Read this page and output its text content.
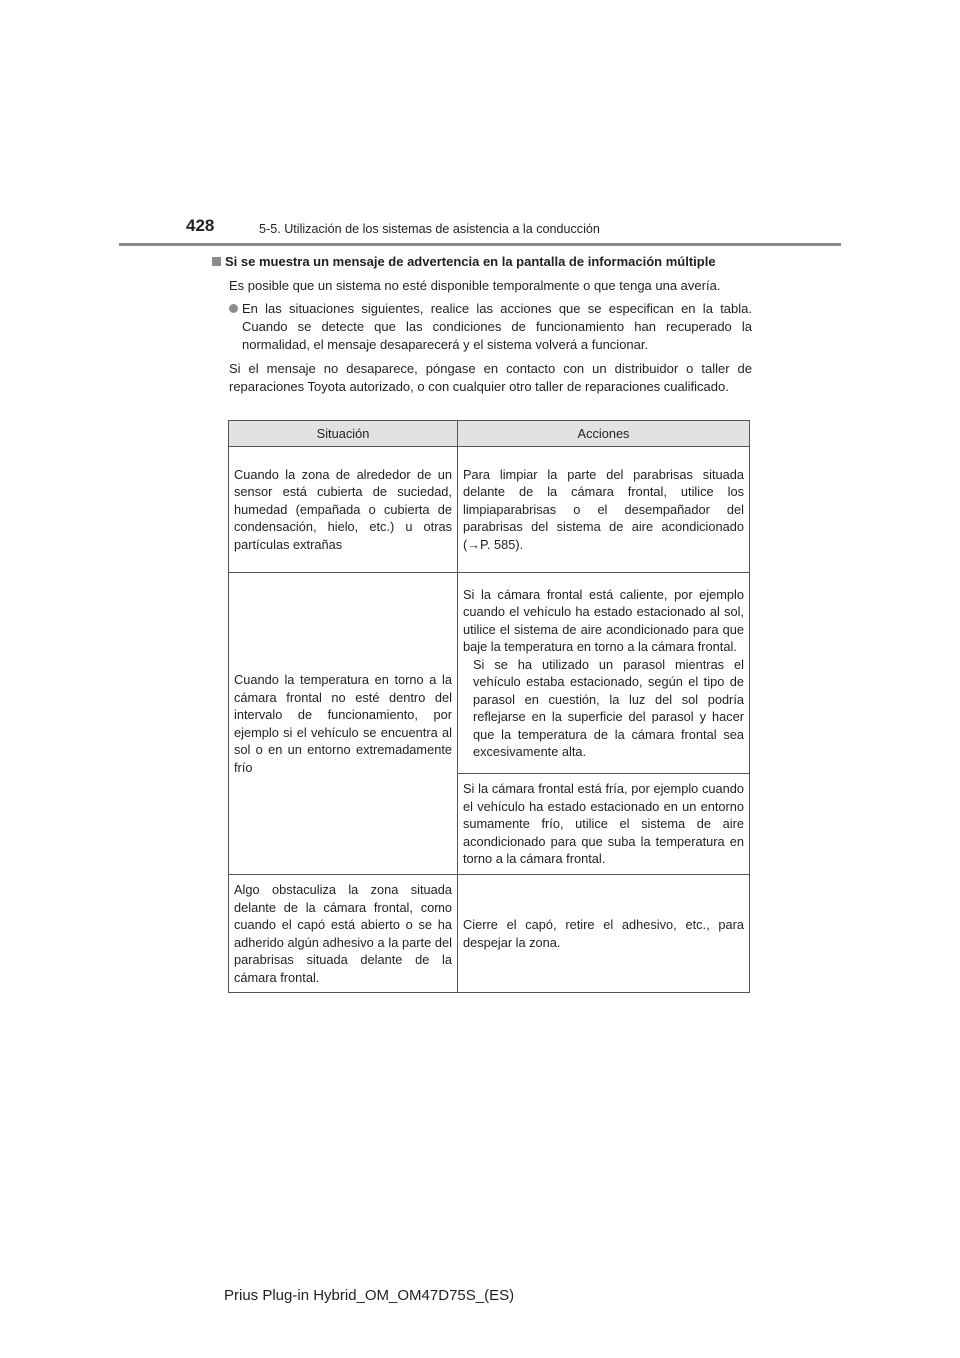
428	5-5. Utilización de los sistemas de asistencia a la conducción
Si se muestra un mensaje de advertencia en la pantalla de información múltiple

Es posible que un sistema no esté disponible temporalmente o que tenga una avería.

En las situaciones siguientes, realice las acciones que se especifican en la tabla. Cuando se detecte que las condiciones de funcionamiento han recuperado la normalidad, el mensaje desaparecerá y el sistema volverá a funcionar.

Si el mensaje no desaparece, póngase en contacto con un distribuidor o taller de reparaciones Toyota autorizado, o con cualquier otro taller de reparaciones cualificado.

Situación	Acciones
Cuando la zona de alrededor de un sensor está cubierta de suciedad, humedad (empañada o cubierta de condensación, hielo, etc.) u otras partículas extrañas	Para limpiar la parte del parabrisas situada delante de la cámara frontal, utilice los limpiaparabrisas o el desempañador del parabrisas del sistema de aire acondicionado (→P. 585).
Cuando la temperatura en torno a la cámara frontal no esté dentro del intervalo de funcionamiento, por ejemplo si el vehículo se encuentra al sol o en un entorno extremadamente frío	Si la cámara frontal está caliente, por ejemplo cuando el vehículo ha estado estacionado al sol, utilice el sistema de aire acondicionado para que baje la temperatura en torno a la cámara frontal.
Si se ha utilizado un parasol mientras el vehículo estaba estacionado, según el tipo de parasol en cuestión, la luz del sol podría reflejarse en la superficie del parasol y hacer que la temperatura de la cámara frontal sea excesivamente alta.

	Si la cámara frontal está fría, por ejemplo cuando el vehículo ha estado estacionado en un entorno sumamente frío, utilice el sistema de aire acondicionado para que suba la temperatura en torno a la cámara frontal.
Algo obstaculiza la zona situada delante de la cámara frontal, como cuando el capó está abierto o se ha adherido algún adhesivo a la parte del parabrisas situada delante de la cámara frontal.	Cierre el capó, retire el adhesivo, etc., para despejar la zona.
Prius Plug-in Hybrid_OM_OM47D75S_(ES)
